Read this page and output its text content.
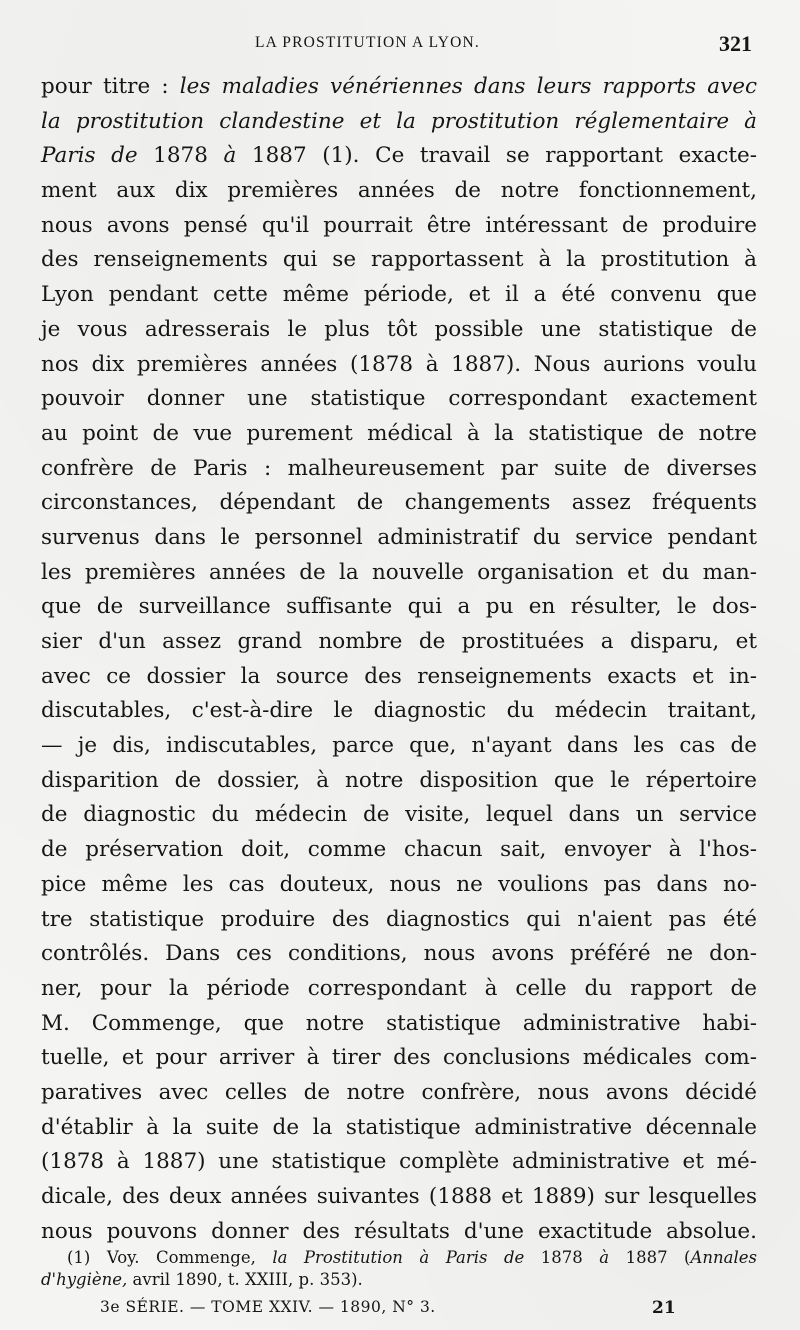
LA PROSTITUTION A LYON.	321
pour titre : les maladies vénériennes dans leurs rapports avec
la prostitution clandestine et la prostitution réglementaire à
Paris de 1878 à 1887 (1). Ce travail se rapportant exacte-
ment aux dix premières années de notre fonctionnement,
nous avons pensé qu'il pourrait être intéressant de produire
des renseignements qui se rapportassent à la prostitution à
Lyon pendant cette même période, et il a été convenu que
je vous adresserais le plus tôt possible une statistique de
nos dix premières années (1878 à 1887). Nous aurions voulu
pouvoir donner une statistique correspondant exactement
au point de vue purement médical à la statistique de notre
confrère de Paris : malheureusement par suite de diverses
circonstances, dépendant de changements assez fréquents
survenus dans le personnel administratif du service pendant
les premières années de la nouvelle organisation et du man-
que de surveillance suffisante qui a pu en résulter, le dos-
sier d'un assez grand nombre de prostituées a disparu, et
avec ce dossier la source des renseignements exacts et in-
discutables, c'est-à-dire le diagnostic du médecin traitant,
— je dis, indiscutables, parce que, n'ayant dans les cas de
disparition de dossier, à notre disposition que le répertoire
de diagnostic du médecin de visite, lequel dans un service
de préservation doit, comme chacun sait, envoyer à l'hos-
pice même les cas douteux, nous ne voulions pas dans no-
tre statistique produire des diagnostics qui n'aient pas été
contrôlés. Dans ces conditions, nous avons préféré ne don-
ner, pour la période correspondant à celle du rapport de
M. Commenge, que notre statistique administrative habi-
tuelle, et pour arriver à tirer des conclusions médicales com-
paratives avec celles de notre confrère, nous avons décidé
d'établir à la suite de la statistique administrative décennale
(1878 à 1887) une statistique complète administrative et mé-
dicale, des deux années suivantes (1888 et 1889) sur lesquelles
nous pouvons donner des résultats d'une exactitude absolue.
(1) Voy. Commenge, la Prostitution à Paris de 1878 à 1887 (Annales
d'hygiène, avril 1890, t. XXIII, p. 353).
3e SÉRIE. — TOME XXIV. — 1890, N° 3.	21
